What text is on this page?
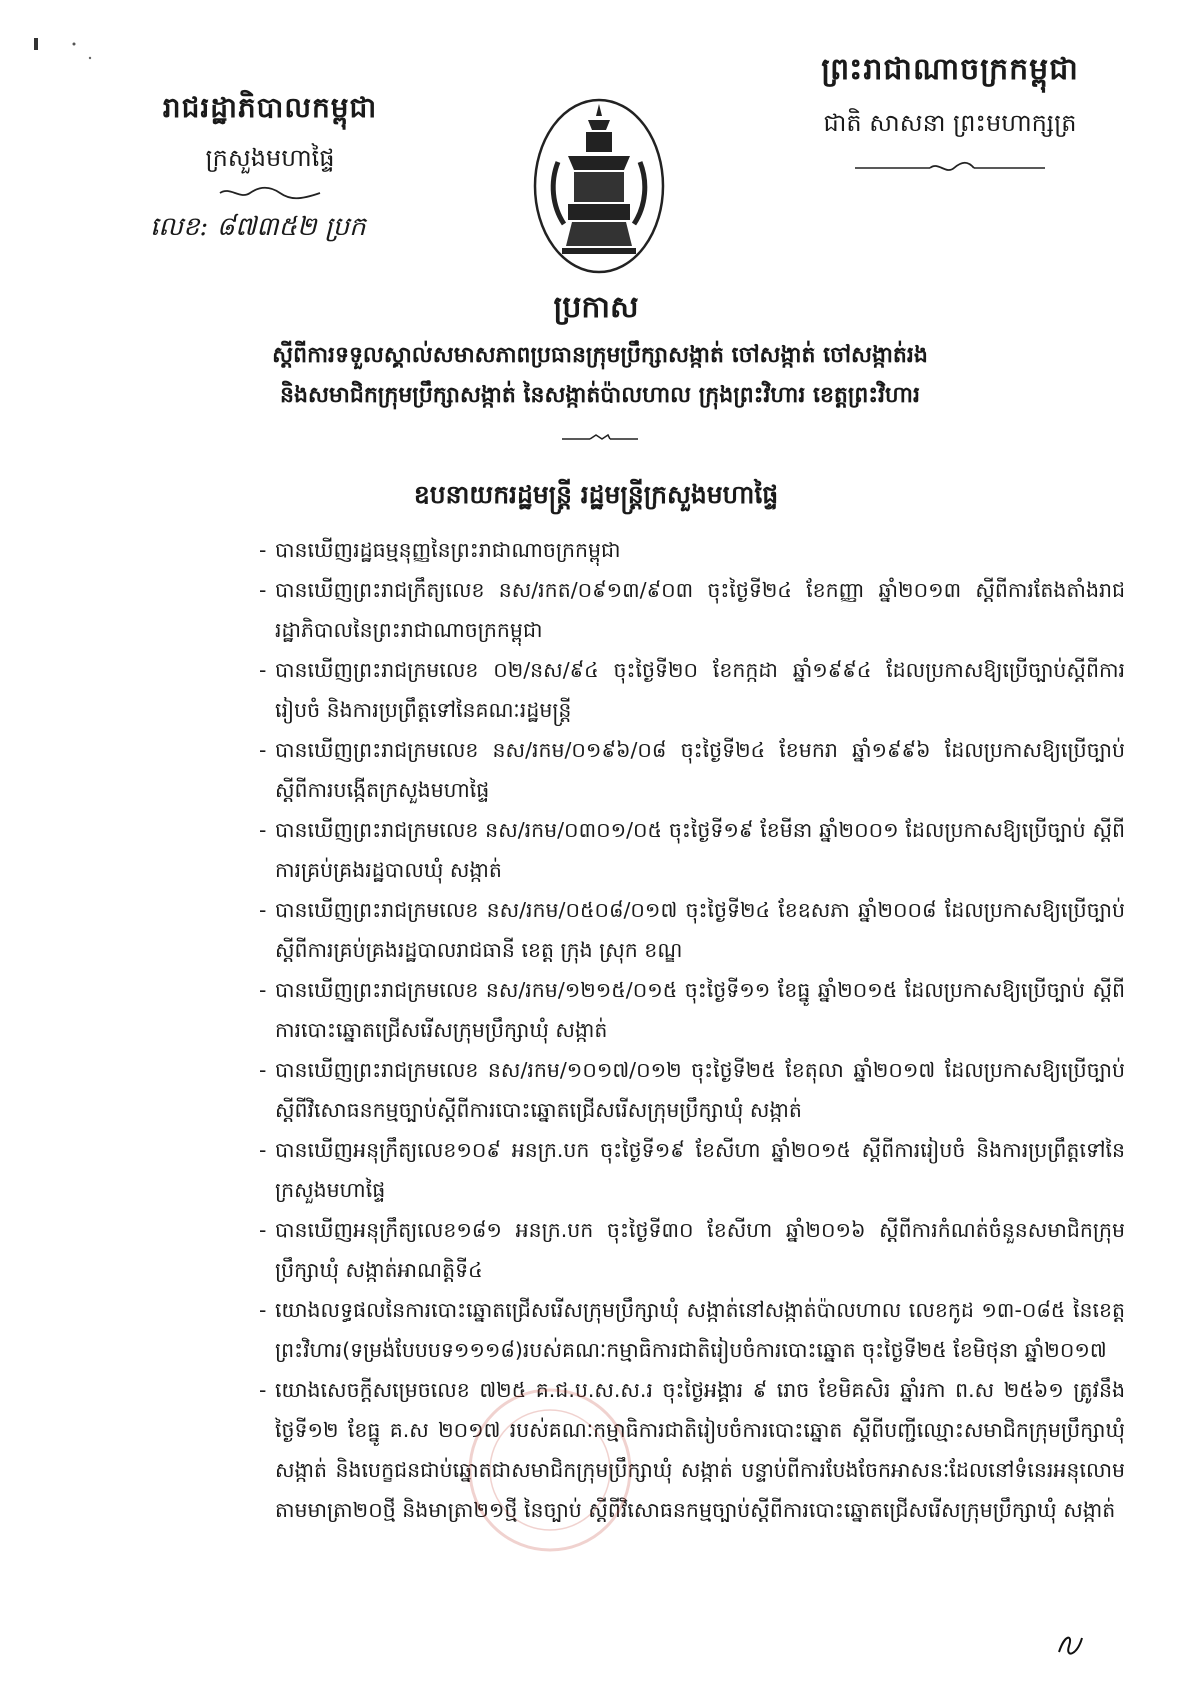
រាជរដ្ឋាភិបាលកម្ពុជា
ក្រសួងមហាផ្ទៃ
លេខ: ៨៧៣៥២ ប្រក
ព្រះរាជាណាចក្រកម្ពុជា
ជាតិ សាសនា ព្រះមហាក្សត្រ
ប្រកាស
ស្តីពីការទទួលស្គាល់សមាសភាពប្រធានក្រុមប្រឹក្សាសង្កាត់ ចៅសង្កាត់ ចៅសង្កាត់រង
និងសមាជិកក្រុមប្រឹក្សាសង្កាត់ នៃសង្កាត់ប៉ាលហាល ក្រុងព្រះវិហារ ខេត្តព្រះវិហារ
ឧបនាយករដ្ឋមន្ត្រី រដ្ឋមន្ត្រីក្រសួងមហាផ្ទៃ
- បានឃើញរដ្ឋធម្មនុញ្ញនៃព្រះរាជាណាចក្រកម្ពុជា
- បានឃើញព្រះរាជក្រឹត្យលេខ នស/រកត/០៩១៣/៩០៣ ចុះថ្ងៃទី២៤ ខែកញ្ញា ឆ្នាំ២០១៣ ស្តីពីការតែងតាំងរាជរដ្ឋាភិបាលនៃព្រះរាជាណាចក្រកម្ពុជា
- បានឃើញព្រះរាជក្រមលេខ ០២/នស/៩៤ ចុះថ្ងៃទី២០ ខែកក្កដា ឆ្នាំ១៩៩៤ ដែលប្រកាសឱ្យប្រើច្បាប់ស្តីពីការរៀបចំ និងការប្រព្រឹត្តទៅនៃគណៈរដ្ឋមន្ត្រី
- បានឃើញព្រះរាជក្រមលេខ នស/រកម/០១៩៦/០៨ ចុះថ្ងៃទី២៤ ខែមករា ឆ្នាំ១៩៩៦ ដែលប្រកាសឱ្យប្រើច្បាប់ ស្តីពីការបង្កើតក្រសួងមហាផ្ទៃ
- បានឃើញព្រះរាជក្រមលេខ នស/រកម/០៣០១/០៥ ចុះថ្ងៃទី១៩ ខែមីនា ឆ្នាំ២០០១ ដែលប្រកាសឱ្យប្រើច្បាប់ ស្តីពីការគ្រប់គ្រងរដ្ឋបាលឃុំ សង្កាត់
- បានឃើញព្រះរាជក្រមលេខ នស/រកម/០៥០៨/០១៧ ចុះថ្ងៃទី២៤ ខែឧសភា ឆ្នាំ២០០៨ ដែលប្រកាសឱ្យប្រើច្បាប់ ស្តីពីការគ្រប់គ្រងរដ្ឋបាលរាជធានី ខេត្ត ក្រុង ស្រុក ខណ្ឌ
- បានឃើញព្រះរាជក្រមលេខ នស/រកម/១២១៥/០១៥ ចុះថ្ងៃទី១១ ខែធ្នូ ឆ្នាំ២០១៥ ដែលប្រកាសឱ្យប្រើច្បាប់ ស្តីពីការបោះឆ្នោតជ្រើសរើសក្រុមប្រឹក្សាឃុំ សង្កាត់
- បានឃើញព្រះរាជក្រមលេខ នស/រកម/១០១៧/០១២ ចុះថ្ងៃទី២៥ ខែតុលា ឆ្នាំ២០១៧ ដែលប្រកាសឱ្យប្រើច្បាប់ ស្តីពីវិសោធនកម្មច្បាប់ស្តីពីការបោះឆ្នោតជ្រើសរើសក្រុមប្រឹក្សាឃុំ សង្កាត់
- បានឃើញអនុក្រឹត្យលេខ១០៩ អនក្រ.បក ចុះថ្ងៃទី១៩ ខែសីហា ឆ្នាំ២០១៥ ស្តីពីការរៀបចំ និងការប្រព្រឹត្តទៅនៃក្រសួងមហាផ្ទៃ
- បានឃើញអនុក្រឹត្យលេខ១៨១ អនក្រ.បក ចុះថ្ងៃទី៣០ ខែសីហា ឆ្នាំ២០១៦ ស្តីពីការកំណត់ចំនួនសមាជិកក្រុមប្រឹក្សាឃុំ សង្កាត់អាណត្តិទី៤
- យោងលទ្ធផលនៃការបោះឆ្នោតជ្រើសរើសក្រុមប្រឹក្សាឃុំ សង្កាត់នៅសង្កាត់ប៉ាលហាល លេខកូដ ១៣-០៨៥ នៃខេត្តព្រះវិហារ(ទម្រង់បែបបទ១១១៨)របស់គណៈកម្មាធិការជាតិរៀបចំការបោះឆ្នោត ចុះថ្ងៃទី២៥ ខែមិថុនា ឆ្នាំ២០១៧
- យោងសេចក្តីសម្រេចលេខ ៧២៥ គ.ជ.ប.ស.ស.រ ចុះថ្ងៃអង្គារ ៩ រោច ខែមិគសិរ ឆ្នាំរកា ព.ស ២៥៦១ ត្រូវនឹងថ្ងៃទី១២ ខែធ្នូ គ.ស ២០១៧ របស់គណៈកម្មាធិការជាតិរៀបចំការបោះឆ្នោត ស្តីពីបញ្ជីឈ្មោះសមាជិកក្រុមប្រឹក្សាឃុំ សង្កាត់ និងបេក្ខជនជាប់ឆ្នោតជាសមាជិកក្រុមប្រឹក្សាឃុំ សង្កាត់ បន្ទាប់ពីការបែងចែកអាសនៈដែលនៅទំនេរអនុលោមតាមមាត្រា២០ថ្មី និងមាត្រា២១ថ្មី នៃច្បាប់ ស្តីពីវិសោធនកម្មច្បាប់ស្តីពីការបោះឆ្នោតជ្រើសរើសក្រុមប្រឹក្សាឃុំ សង្កាត់
